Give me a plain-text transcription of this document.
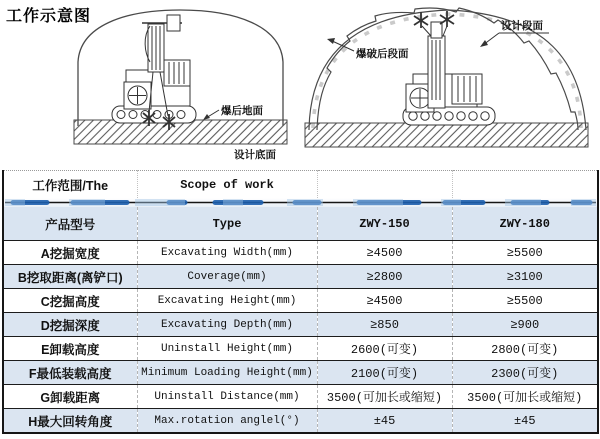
工作示意图
爆后地面
设计底面
爆破后段面
设计段面
工作范围/The	Scope of work		

产品型号	Type	ZWY-150	ZWY-180
A挖掘宽度	Excavating Width(mm)	≥4500	≥5500
B挖取距离(离铲口)	Coverage(mm)	≥2800	≥3100
C挖掘高度	Excavating Height(mm)	≥4500	≥5500
D挖掘深度	Excavating Depth(mm)	≥850	≥900
E卸载高度	Uninstall Height(mm)	2600(可变)	2800(可变)
F最低装载高度	Minimum Loading Height(mm)	2100(可变)	2300(可变)
G卸载距离	Uninstall Distance(mm)	3500(可加长或缩短)	3500(可加长或缩短)
H最大回转角度	Max.rotation anglel(°)	±45	±45
